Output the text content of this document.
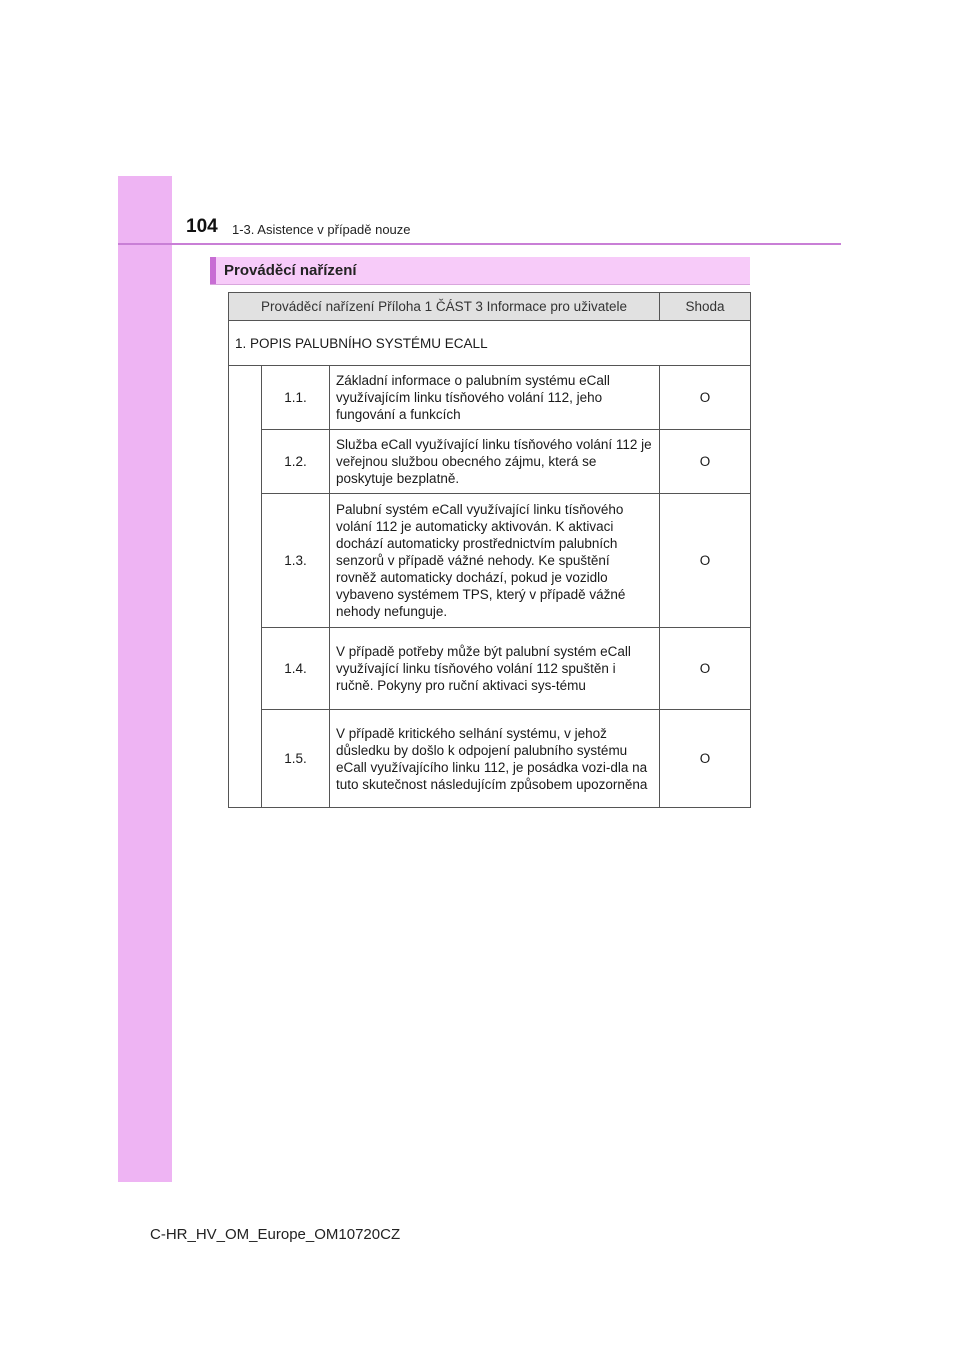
104 1-3. Asistence v případě nouze
Prováděcí nařízení
Prováděcí nařízení Příloha 1 ČÁST 3 Informace pro uživatele			Shoda
1. POPIS PALUBNÍHO SYSTÉMU ECALL			
	1.1.	Základní informace o palubním systému eCall využívajícím linku tísňového volání 112, jeho fungování a funkcích	O
	1.2.	Služba eCall využívající linku tísňového volání 112 je veřejnou službou obecného zájmu, která se poskytuje bezplatně.	O
	1.3.	Palubní systém eCall využívající linku tísňového volání 112 je automaticky aktivován. K aktivaci dochází automaticky prostřednictvím palubních senzorů v případě vážné nehody. Ke spuštění rovněž automaticky dochází, pokud je vozidlo vybaveno systémem TPS, který v případě vážné nehody nefunguje.	O
	1.4.	V případě potřeby může být palubní systém eCall využívající linku tísňového volání 112 spuštěn i ručně. Pokyny pro ruční aktivaci sys-tému	O
	1.5.	V případě kritického selhání systému, v jehož důsledku by došlo k odpojení palubního systému eCall využívajícího linku 112, je posádka vozi-dla na tuto skutečnost následujícím způsobem upozorněna	O
C-HR_HV_OM_Europe_OM10720CZ
